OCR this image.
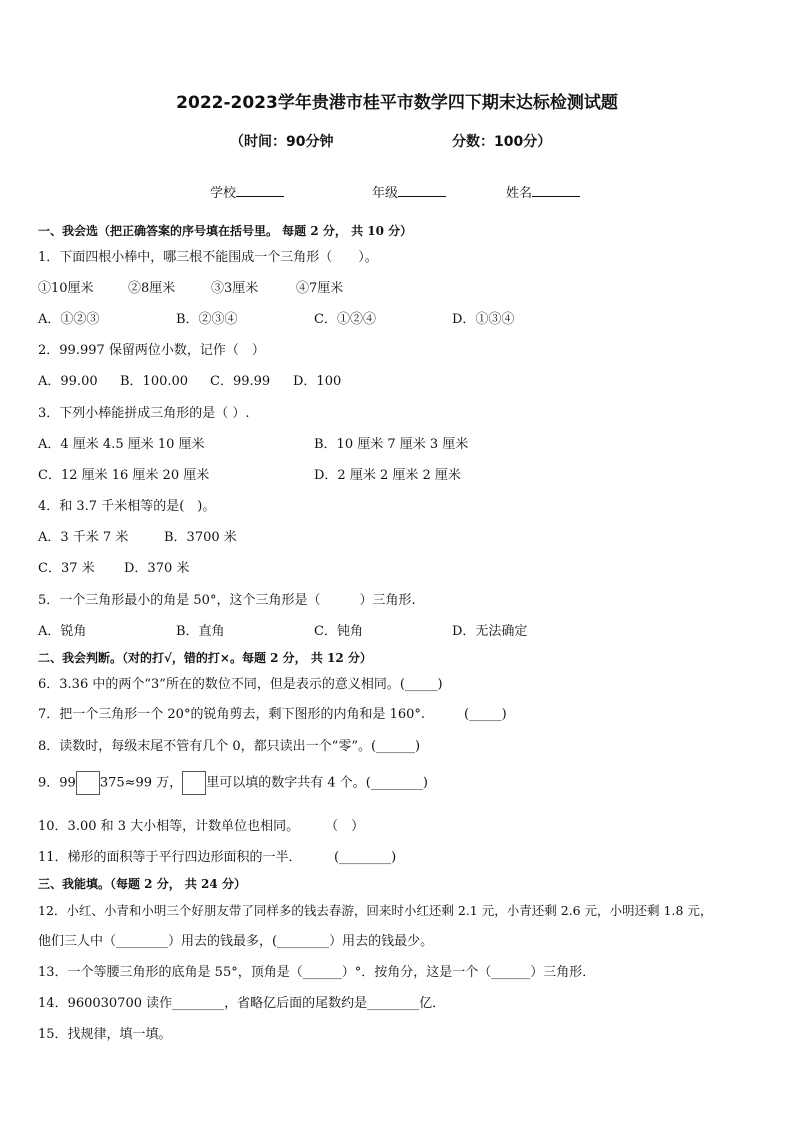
2022-2023学年贵港市桂平市数学四下期末达标检测试题
（时间：90分钟	分数：100分）
学校	年级	姓名
一、我会选（把正确答案的序号填在括号里。 每题 2 分， 共 10 分）
1．下面四根小棒中，哪三根不能围成一个三角形（　　）。
①10厘米	②8厘米	③3厘米	④7厘米
A．①②③	B．②③④	C．①②④	D．①③④
2．99.997 保留两位小数，记作（　）
A．99.00 B．100.00 C．99.99 D．100
3．下列小棒能拼成三角形的是（ ）.
A．4 厘米 4.5 厘米 10 厘米	B．10 厘米 7 厘米 3 厘米
C．12 厘米 16 厘米 20 厘米	D．2 厘米 2 厘米 2 厘米
4．和 3.7 千米相等的是(　)。
A．3 千米 7 米	B．3700 米
C．37 米 D．370 米
5．一个三角形最小的角是 50°，这个三角形是（　　　）三角形.
A．锐角	B．直角	C．钝角	D．无法确定
二、我会判断。（对的打√，错的打×。每题 2 分， 共 12 分）
6．3.36 中的两个“3”所在的数位不同，但是表示的意义相同。(_____)
7．把一个三角形一个 20°的锐角剪去，剩下图形的内角和是 160°.　　　(_____)
8．读数时，每级末尾不管有几个 0，都只读出一个“零”。(______)
9．99 375≈99 万， 里可以填的数字共有 4 个。(________)
10．3.00 和 3 大小相等，计数单位也相同。　　　（　）
11．梯形的面积等于平行四边形面积的一半．　　　(________)
三、我能填。（每题 2 分， 共 24 分）
12．小红、小青和小明三个好朋友带了同样多的钱去春游，回来时小红还剩 2.1 元，小青还剩 2.6 元，小明还剩 1.8 元，
他们三人中（________）用去的钱最多，(________）用去的钱最少。
13．一个等腰三角形的底角是 55°，顶角是（______）°．按角分，这是一个（______）三角形．
14．960030700 读作________，省略亿后面的尾数约是________亿．
15．找规律，填一填。
